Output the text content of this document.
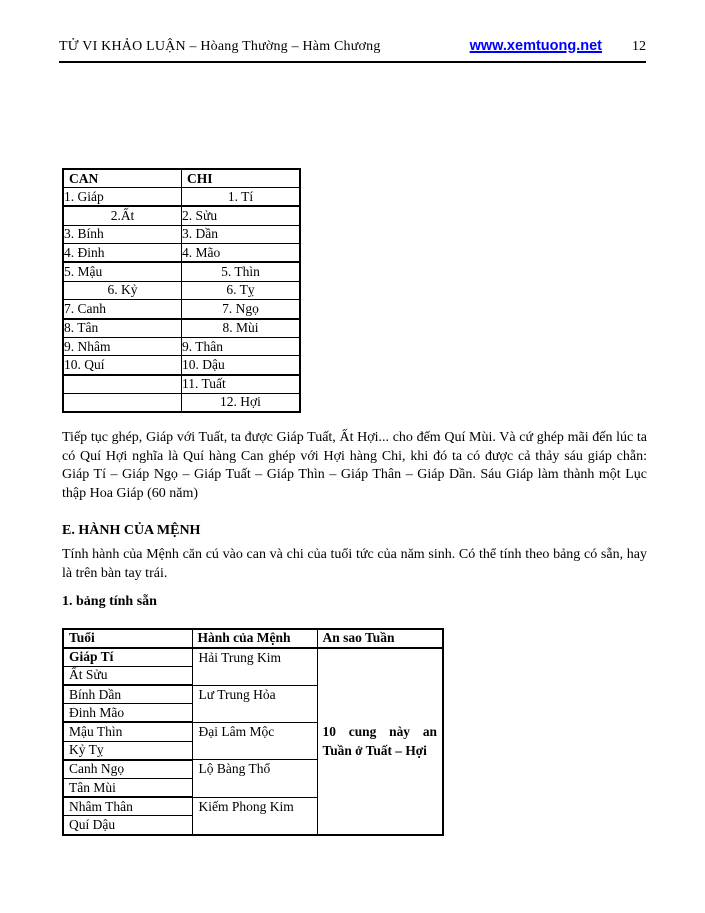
TỬ VI KHẢO LUẬN – Hòang Thường – Hàm Chương	www.xemtuong.net 12
CAN	CHI
1. Giáp	1. Tí
2.Ất	2. Sửu
3. Bính	3. Dần
4. Đinh	4. Mão
5. Mậu	5. Thìn
6. Kỷ	6. Tỵ
7. Canh	7. Ngọ
8. Tân	8. Mùi
9. Nhâm	9. Thân
10. Quí	10. Dậu
	11. Tuất
	12. Hợi

Tiếp tục ghép, Giáp với Tuất, ta được Giáp Tuất, Ất Hợi... cho đếm Quí Mùi. Và cứ ghép mãi đến lúc ta có Quí Hợi nghĩa là Quí hàng Can ghép với Hợi hàng Chi, khi đó ta có được cả thảy sáu giáp chẵn: Giáp Tí – Giáp Ngọ – Giáp Tuất – Giáp Thìn – Giáp Thân – Giáp Dần. Sáu Giáp làm thành một Lục thập Hoa Giáp (60 năm)

E. HÀNH CỦA MỆNH

Tính hành của Mệnh căn cú vào can và chi của tuổi tức của năm sinh. Có thể tính theo bảng có sẵn, hay là trên bàn tay trái.

1. bảng tính sẵn
Tuổi	Hành của Mệnh	An sao Tuần
Giáp Tí	Hải Trung Kim	10 cung này an Tuần ở Tuất – Hợi

Ất Sửu		
Bính Dần	Lư Trung Hỏa	
Đinh Mão		
Mậu Thìn	Đại Lâm Mộc	
Kỷ Tỵ		
Canh Ngọ	Lộ Bàng Thổ	
Tân Mùi		
Nhâm Thân	Kiếm Phong Kim	
Quí Dậu		
